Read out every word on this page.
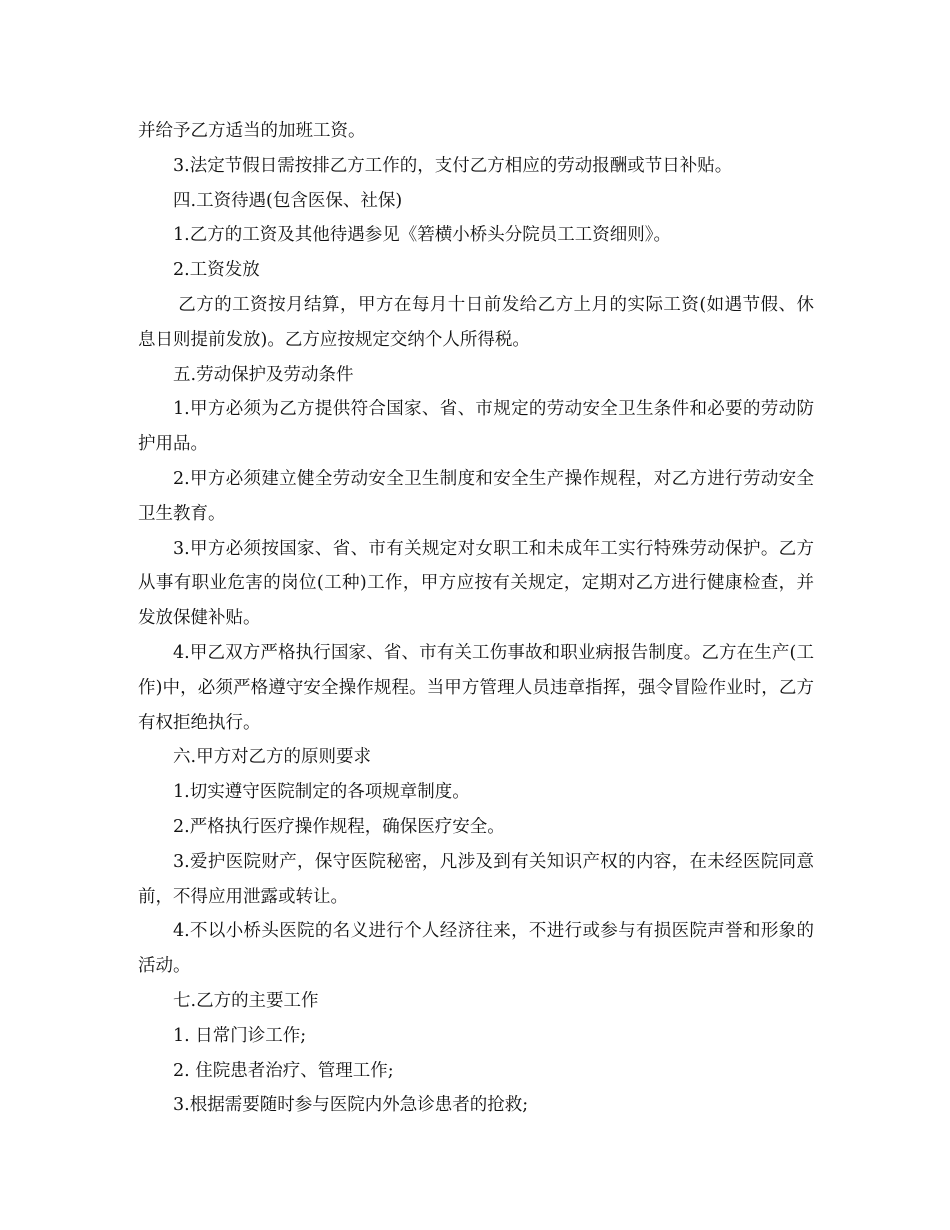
并给予乙方适当的加班工资。

3.法定节假日需按排乙方工作的，支付乙方相应的劳动报酬或节日补贴。

四.工资待遇(包含医保、社保)

1.乙方的工资及其他待遇参见《箬横小桥头分院员工工资细则》。

2.工资发放

乙方的工资按月结算，甲方在每月十日前发给乙方上月的实际工资(如遇节假、休息日则提前发放)。乙方应按规定交纳个人所得税。

五.劳动保护及劳动条件

1.甲方必须为乙方提供符合国家、省、市规定的劳动安全卫生条件和必要的劳动防护用品。

2.甲方必须建立健全劳动安全卫生制度和安全生产操作规程，对乙方进行劳动安全卫生教育。

3.甲方必须按国家、省、市有关规定对女职工和未成年工实行特殊劳动保护。乙方从事有职业危害的岗位(工种)工作，甲方应按有关规定，定期对乙方进行健康检查，并发放保健补贴。

4.甲乙双方严格执行国家、省、市有关工伤事故和职业病报告制度。乙方在生产(工作)中，必须严格遵守安全操作规程。当甲方管理人员违章指挥，强令冒险作业时，乙方有权拒绝执行。

六.甲方对乙方的原则要求

1.切实遵守医院制定的各项规章制度。

2.严格执行医疗操作规程，确保医疗安全。

3.爱护医院财产，保守医院秘密，凡涉及到有关知识产权的内容，在未经医院同意前，不得应用泄露或转让。

4.不以小桥头医院的名义进行个人经济往来，不进行或参与有损医院声誉和形象的活动。

七.乙方的主要工作

1. 日常门诊工作;

2. 住院患者治疗、管理工作;

3.根据需要随时参与医院内外急诊患者的抢救;
